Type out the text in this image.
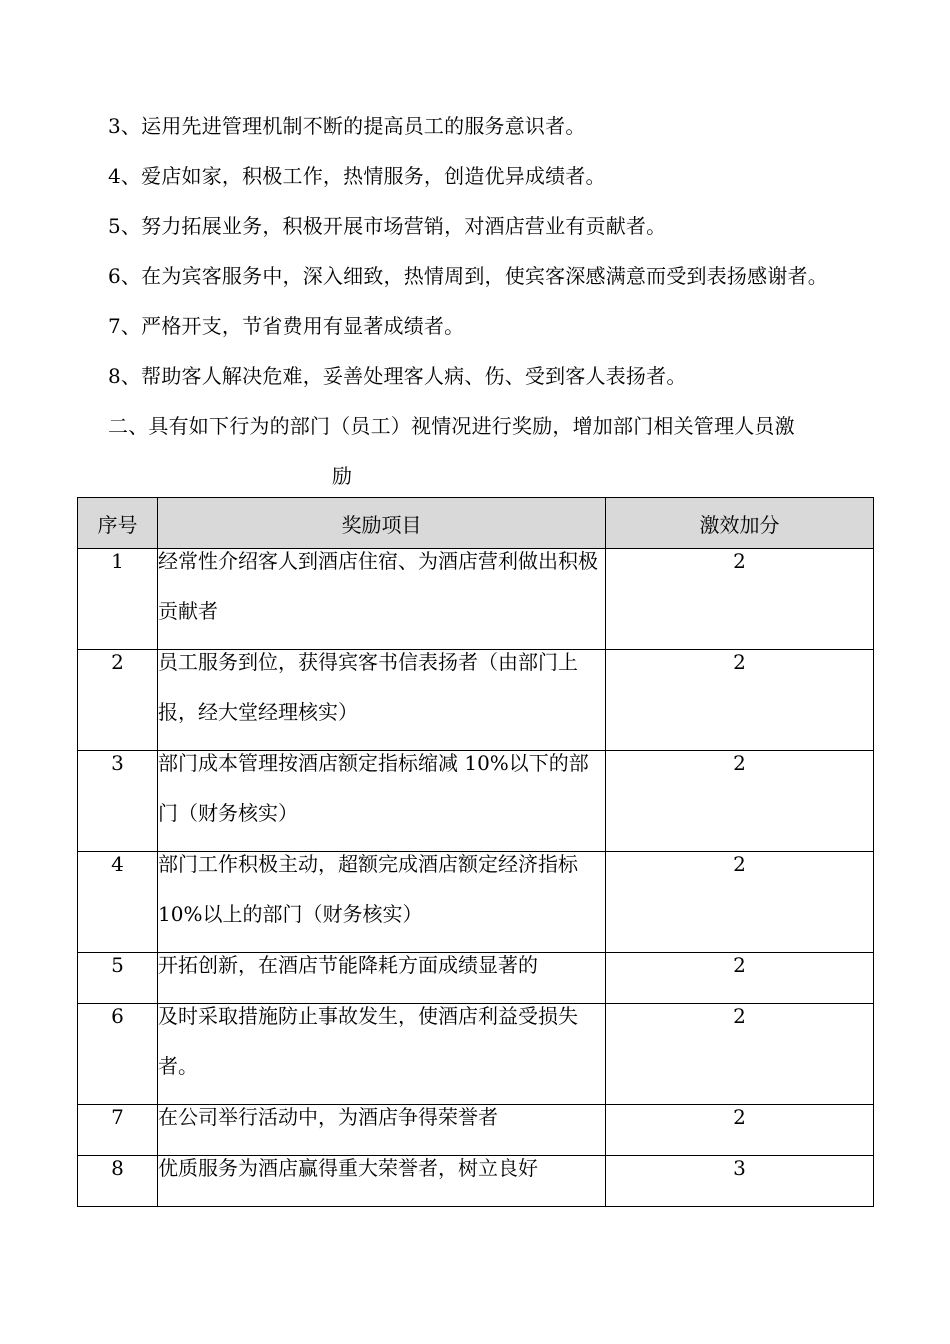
3、运用先进管理机制不断的提高员工的服务意识者。
4、爱店如家，积极工作，热情服务，创造优异成绩者。
5、努力拓展业务，积极开展市场营销，对酒店营业有贡献者。
6、在为宾客服务中，深入细致，热情周到，使宾客深感满意而受到表扬感谢者。
7、严格开支，节省费用有显著成绩者。
8、帮助客人解决危难，妥善处理客人病、伤、受到客人表扬者。
二、具有如下行为的部门（员工）视情况进行奖励，增加部门相关管理人员激
励
序号	奖励项目	激效加分
1	经常性介绍客人到酒店住宿、为酒店营利做出积极贡献者	2
2	员工服务到位，获得宾客书信表扬者（由部门上报，经大堂经理核实）	2
3	部门成本管理按酒店额定指标缩减 10%以下的部门（财务核实）	2
4	部门工作积极主动，超额完成酒店额定经济指标 10%以上的部门（财务核实）	2
5	开拓创新，在酒店节能降耗方面成绩显著的	2
6	及时采取措施防止事故发生，使酒店利益受损失者。	2
7	在公司举行活动中，为酒店争得荣誉者	2
8	优质服务为酒店赢得重大荣誉者，树立良好	3
